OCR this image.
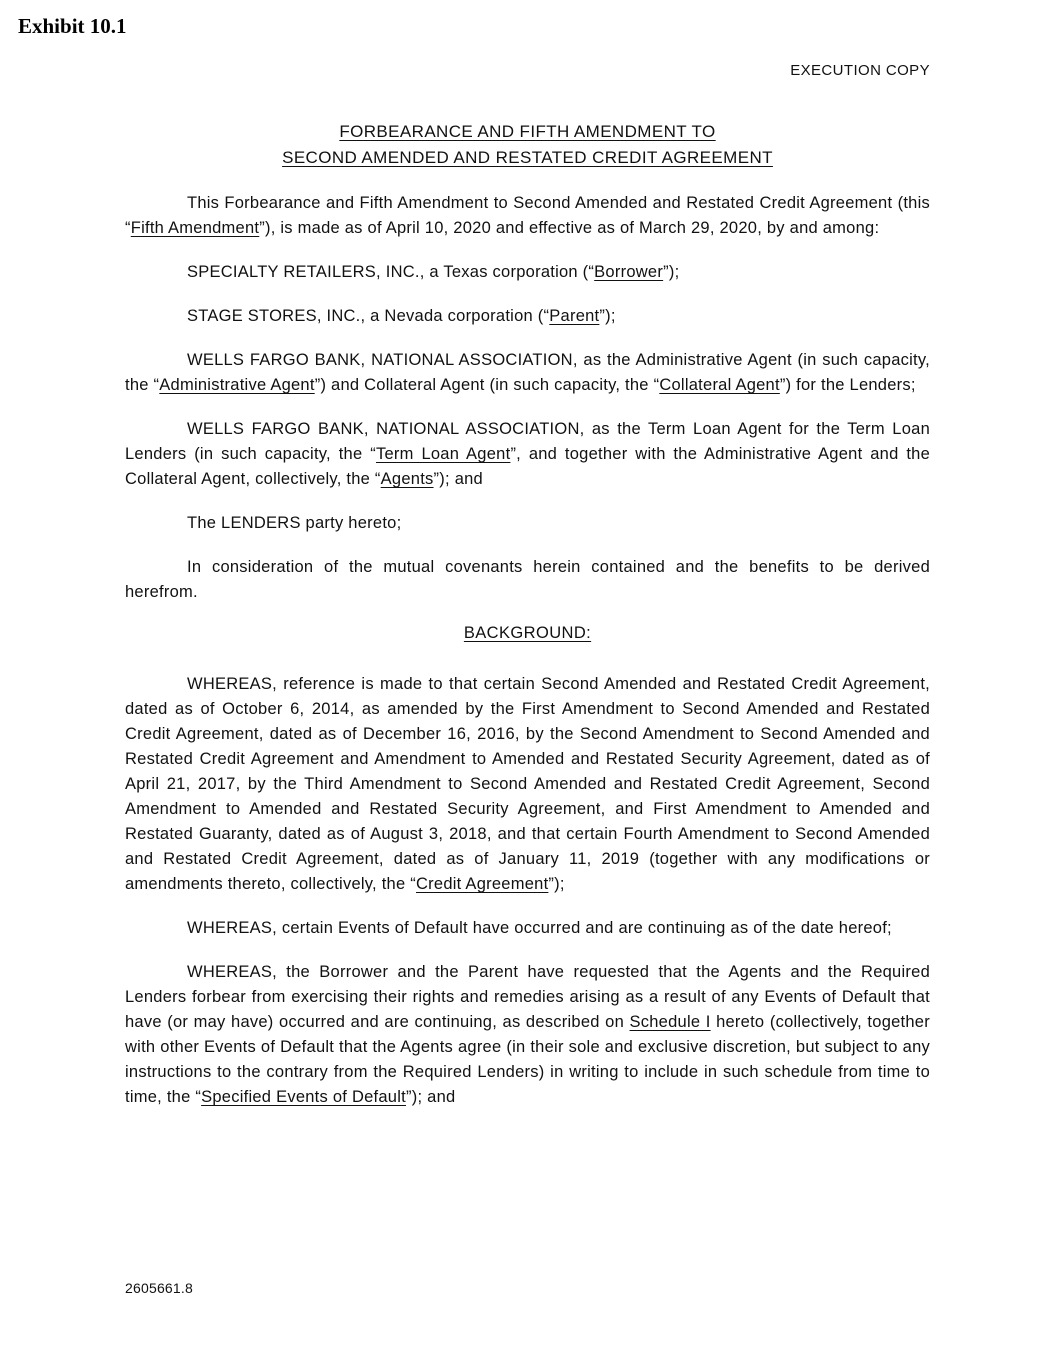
Exhibit 10.1
EXECUTION COPY
FORBEARANCE AND FIFTH AMENDMENT TO
SECOND AMENDED AND RESTATED CREDIT AGREEMENT

This Forbearance and Fifth Amendment to Second Amended and Restated Credit Agreement (this “Fifth Amendment”), is made as of April 10, 2020 and effective as of March 29, 2020, by and among:

SPECIALTY RETAILERS, INC., a Texas corporation (“Borrower”);

STAGE STORES, INC., a Nevada corporation (“Parent”);

WELLS FARGO BANK, NATIONAL ASSOCIATION, as the Administrative Agent (in such capacity, the “Administrative Agent”) and Collateral Agent (in such capacity, the “Collateral Agent”) for the Lenders;

WELLS FARGO BANK, NATIONAL ASSOCIATION, as the Term Loan Agent for the Term Loan Lenders (in such capacity, the “Term Loan Agent”, and together with the Administrative Agent and the Collateral Agent, collectively, the “Agents”); and

The LENDERS party hereto;

In consideration of the mutual covenants herein contained and the benefits to be derived herefrom.

BACKGROUND:

WHEREAS, reference is made to that certain Second Amended and Restated Credit Agreement, dated as of October 6, 2014, as amended by the First Amendment to Second Amended and Restated Credit Agreement, dated as of December 16, 2016, by the Second Amendment to Second Amended and Restated Credit Agreement and Amendment to Amended and Restated Security Agreement, dated as of April 21, 2017, by the Third Amendment to Second Amended and Restated Credit Agreement, Second Amendment to Amended and Restated Security Agreement, and First Amendment to Amended and Restated Guaranty, dated as of August 3, 2018, and that certain Fourth Amendment to Second Amended and Restated Credit Agreement, dated as of January 11, 2019 (together with any modifications or amendments thereto, collectively, the “Credit Agreement”);

WHEREAS, certain Events of Default have occurred and are continuing as of the date hereof;

WHEREAS, the Borrower and the Parent have requested that the Agents and the Required Lenders forbear from exercising their rights and remedies arising as a result of any Events of Default that have (or may have) occurred and are continuing, as described on Schedule I hereto (collectively, together with other Events of Default that the Agents agree (in their sole and exclusive discretion, but subject to any instructions to the contrary from the Required Lenders) in writing to include in such schedule from time to time, the “Specified Events of Default”); and

2605661.8
